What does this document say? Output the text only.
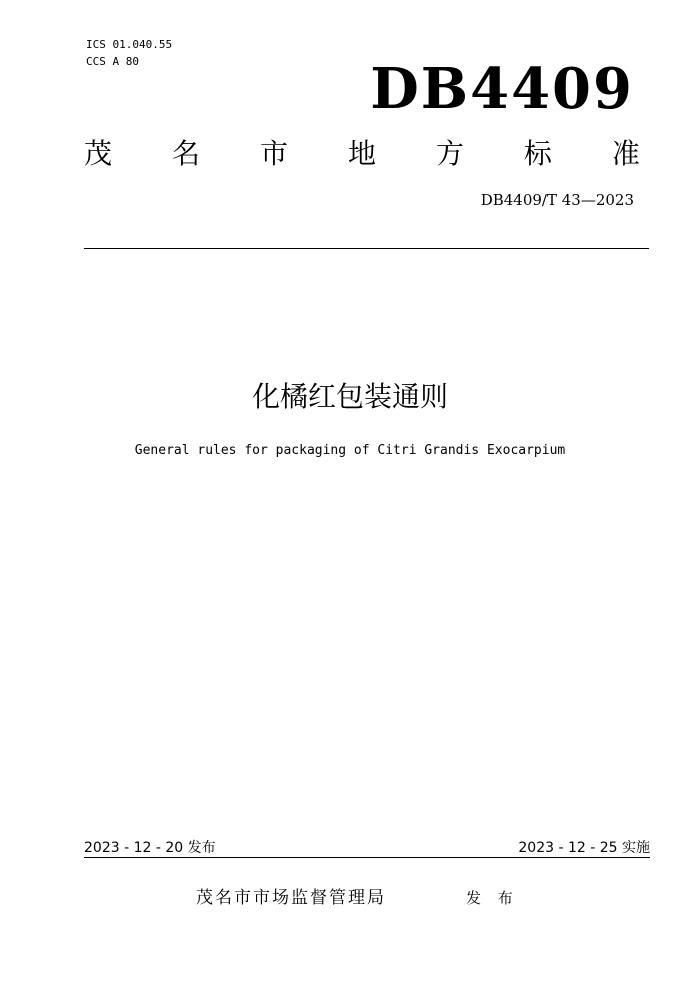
ICS 01.040.55
CCS A 80	DB4409
茂 名 市 地 方 标 准
DB4409/T 43—2023
化橘红包装通则
General rules for packaging of Citri Grandis Exocarpium
2023 - 12 - 20 发布	2023 - 12 - 25 实施
茂名市市场监督管理局	发 布
